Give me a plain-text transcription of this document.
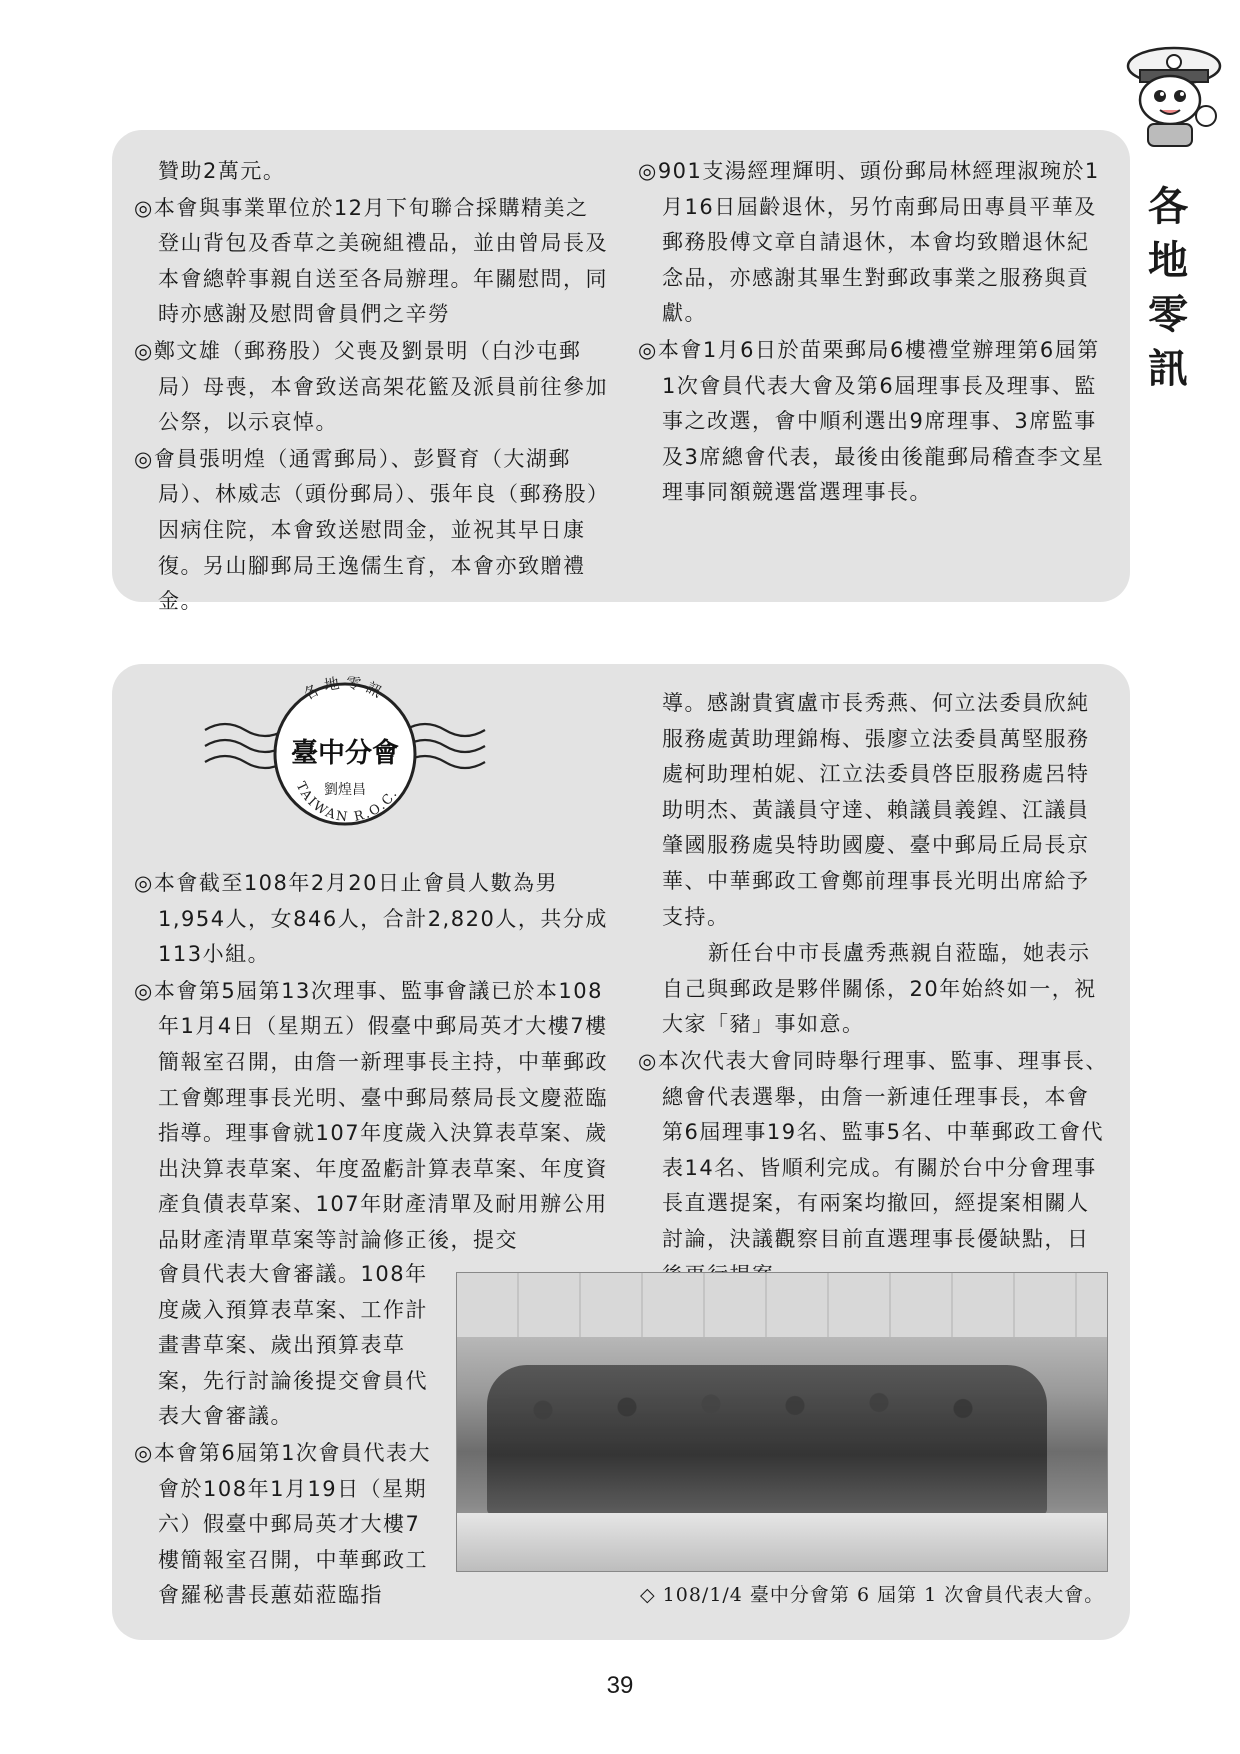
各
地
零
訊

贊助2萬元。

◎本會與事業單位於12月下旬聯合採購精美之登山背包及香草之美碗組禮品，並由曾局長及本會總幹事親自送至各局辦理。年關慰問，同時亦感謝及慰問會員們之辛勞

◎鄭文雄（郵務股）父喪及劉景明（白沙屯郵局）母喪，本會致送高架花籃及派員前往參加公祭，以示哀悼。

◎會員張明煌（通霄郵局）、彭賢育（大湖郵局）、林威志（頭份郵局）、張年良（郵務股）因病住院，本會致送慰問金，並祝其早日康復。另山腳郵局王逸儒生育，本會亦致贈禮金。

◎901支湯經理輝明、頭份郵局林經理淑琬於1月16日屆齡退休，另竹南郵局田專員平華及郵務股傅文章自請退休，本會均致贈退休紀念品，亦感謝其畢生對郵政事業之服務與貢獻。

◎本會1月6日於苗栗郵局6樓禮堂辦理第6屆第1次會員代表大會及第6屆理事長及理事、監事之改選，會中順利選出9席理事、3席監事及3席總會代表，最後由後龍郵局稽查李文星理事同額競選當選理事長。

各地零訊
臺中分會
劉煌昌
TAIWAN R.O.C.

◎本會截至108年2月20日止會員人數為男1,954人，女846人，合計2,820人，共分成113小組。

◎本會第5屆第13次理事、監事會議已於本108年1月4日（星期五）假臺中郵局英才大樓7樓簡報室召開，由詹一新理事長主持，中華郵政工會鄭理事長光明、臺中郵局蔡局長文慶蒞臨指導。理事會就107年度歲入決算表草案、歲出決算表草案、年度盈虧計算表草案、年度資產負債表草案、107年財產清單及耐用辦公用品財產清單草案等討論修正後，提交

會員代表大會審議。108年度歲入預算表草案、工作計畫書草案、歲出預算表草案，先行討論後提交會員代表大會審議。

◎本會第6屆第1次會員代表大會於108年1月19日（星期六）假臺中郵局英才大樓7樓簡報室召開，中華郵政工會羅秘書長蕙茹蒞臨指

導。感謝貴賓盧市長秀燕、何立法委員欣純服務處黃助理錦梅、張廖立法委員萬堅服務處柯助理柏妮、江立法委員啓臣服務處呂特助明杰、黃議員守達、賴議員義鍠、江議員肇國服務處吳特助國慶、臺中郵局丘局長京華、中華郵政工會鄭前理事長光明出席給予支持。

新任台中市長盧秀燕親自蒞臨，她表示自己與郵政是夥伴關係，20年始終如一，祝大家「豬」事如意。

◎本次代表大會同時舉行理事、監事、理事長、總會代表選舉，由詹一新連任理事長，本會第6屆理事19名、監事5名、中華郵政工會代表14名、皆順利完成。有關於台中分會理事長直選提案，有兩案均撤回，經提案相關人討論，決議觀察目前直選理事長優缺點，日

◇ 108/1/4 臺中分會第 6 屆第 1 次會員代表大會。
39
